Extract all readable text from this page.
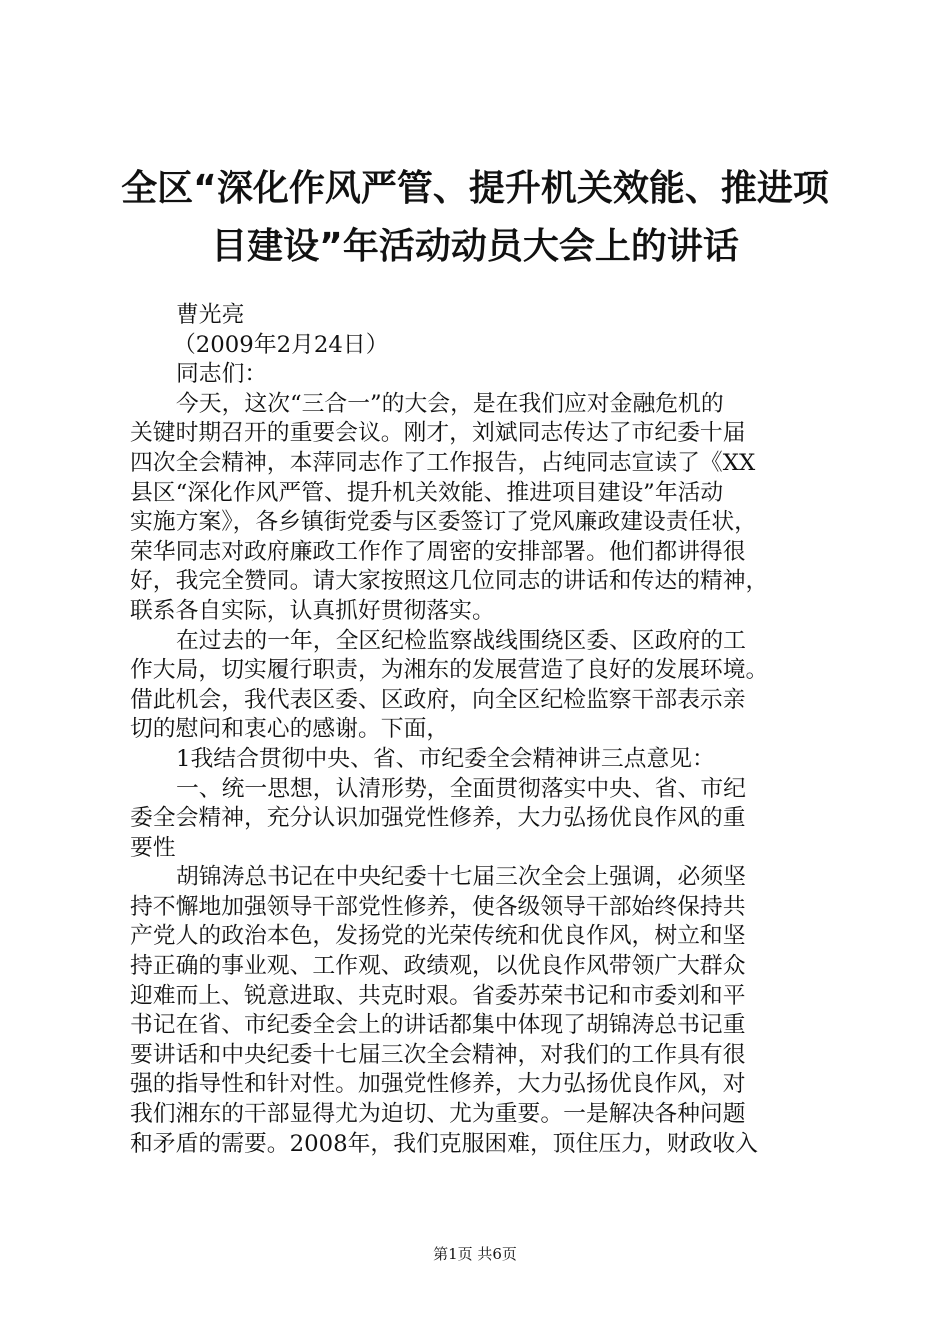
全区“深化作风严管、提升机关效能、推进项
目建设”年活动动员大会上的讲话
曹光亮
（2009年2月24日）
同志们：
今天，这次“三合一”的大会，是在我们应对金融危机的
关键时期召开的重要会议。刚才，刘斌同志传达了市纪委十届
四次全会精神，本萍同志作了工作报告，占纯同志宣读了《XX
县区“深化作风严管、提升机关效能、推进项目建设”年活动
实施方案》，各乡镇街党委与区委签订了党风廉政建设责任状，
荣华同志对政府廉政工作作了周密的安排部署。他们都讲得很
好，我完全赞同。请大家按照这几位同志的讲话和传达的精神，
联系各自实际，认真抓好贯彻落实。
在过去的一年，全区纪检监察战线围绕区委、区政府的工
作大局，切实履行职责，为湘东的发展营造了良好的发展环境。
借此机会，我代表区委、区政府，向全区纪检监察干部表示亲
切的慰问和衷心的感谢。下面，
1我结合贯彻中央、省、市纪委全会精神讲三点意见：
一、统一思想，认清形势，全面贯彻落实中央、省、市纪
委全会精神，充分认识加强党性修养，大力弘扬优良作风的重
要性
胡锦涛总书记在中央纪委十七届三次全会上强调，必须坚
持不懈地加强领导干部党性修养，使各级领导干部始终保持共
产党人的政治本色，发扬党的光荣传统和优良作风，树立和坚
持正确的事业观、工作观、政绩观，以优良作风带领广大群众
迎难而上、锐意进取、共克时艰。省委苏荣书记和市委刘和平
书记在省、市纪委全会上的讲话都集中体现了胡锦涛总书记重
要讲话和中央纪委十七届三次全会精神，对我们的工作具有很
强的指导性和针对性。加强党性修养，大力弘扬优良作风，对
我们湘东的干部显得尤为迫切、尤为重要。一是解决各种问题
和矛盾的需要。2008年，我们克服困难，顶住压力，财政收入
第1页 共6页
